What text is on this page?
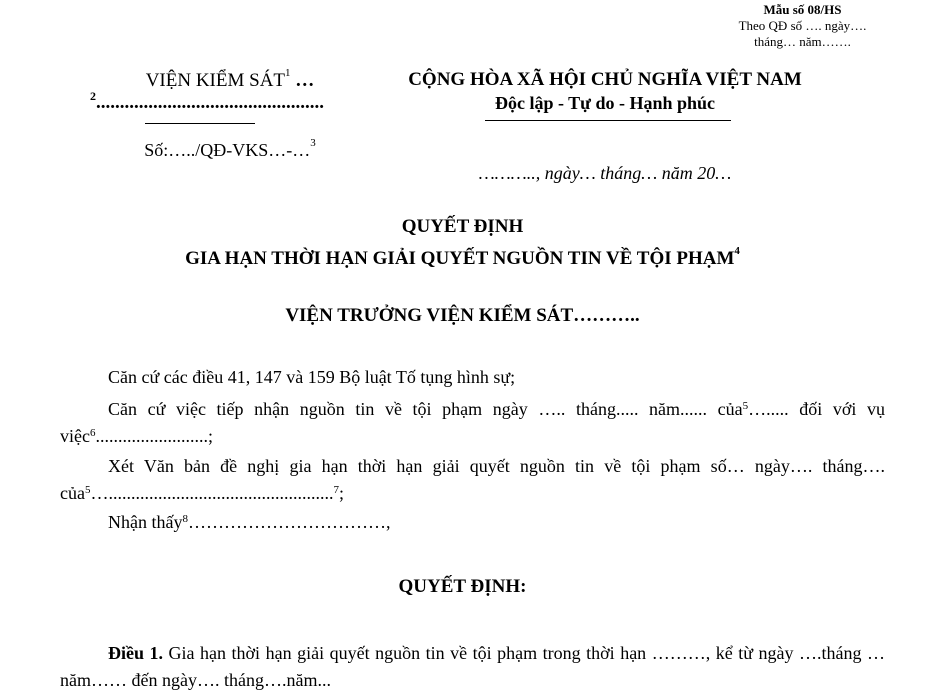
Mẫu số 08/HS
Theo QĐ số …. ngày….
tháng… năm…….
VIỆN KIỂM SÁT$^1$ …
$^2$................................................
Số:…../QĐ-VKS…-…$^3$
CỘNG HÒA XÃ HỘI CHỦ NGHĨA VIỆT NAM
Độc lập - Tự do - Hạnh phúc
……….., ngày… tháng… năm 20…
QUYẾT ĐỊNH
GIA HẠN THỜI HẠN GIẢI QUYẾT NGUỒN TIN VỀ TỘI PHẠM$^4$
VIỆN TRƯỞNG VIỆN KIỂM SÁT………..
Căn cứ các điều 41, 147 và 159 Bộ luật Tố tụng hình sự;
Căn cứ việc tiếp nhận nguồn tin về tội phạm ngày ….. tháng..... năm...... của$^5$…..... đối với vụ việc$^6$.........................;
Xét Văn bản đề nghị gia hạn thời hạn giải quyết nguồn tin về tội phạm số… ngày…. tháng…. của$^5$…..................................................$^7$;
Nhận thấy$^8$……………………………,
QUYẾT ĐỊNH:
Điều 1. Gia hạn thời hạn giải quyết nguồn tin về tội phạm trong thời hạn ………, kể từ ngày ….tháng …năm…… đến ngày…. tháng….năm...
